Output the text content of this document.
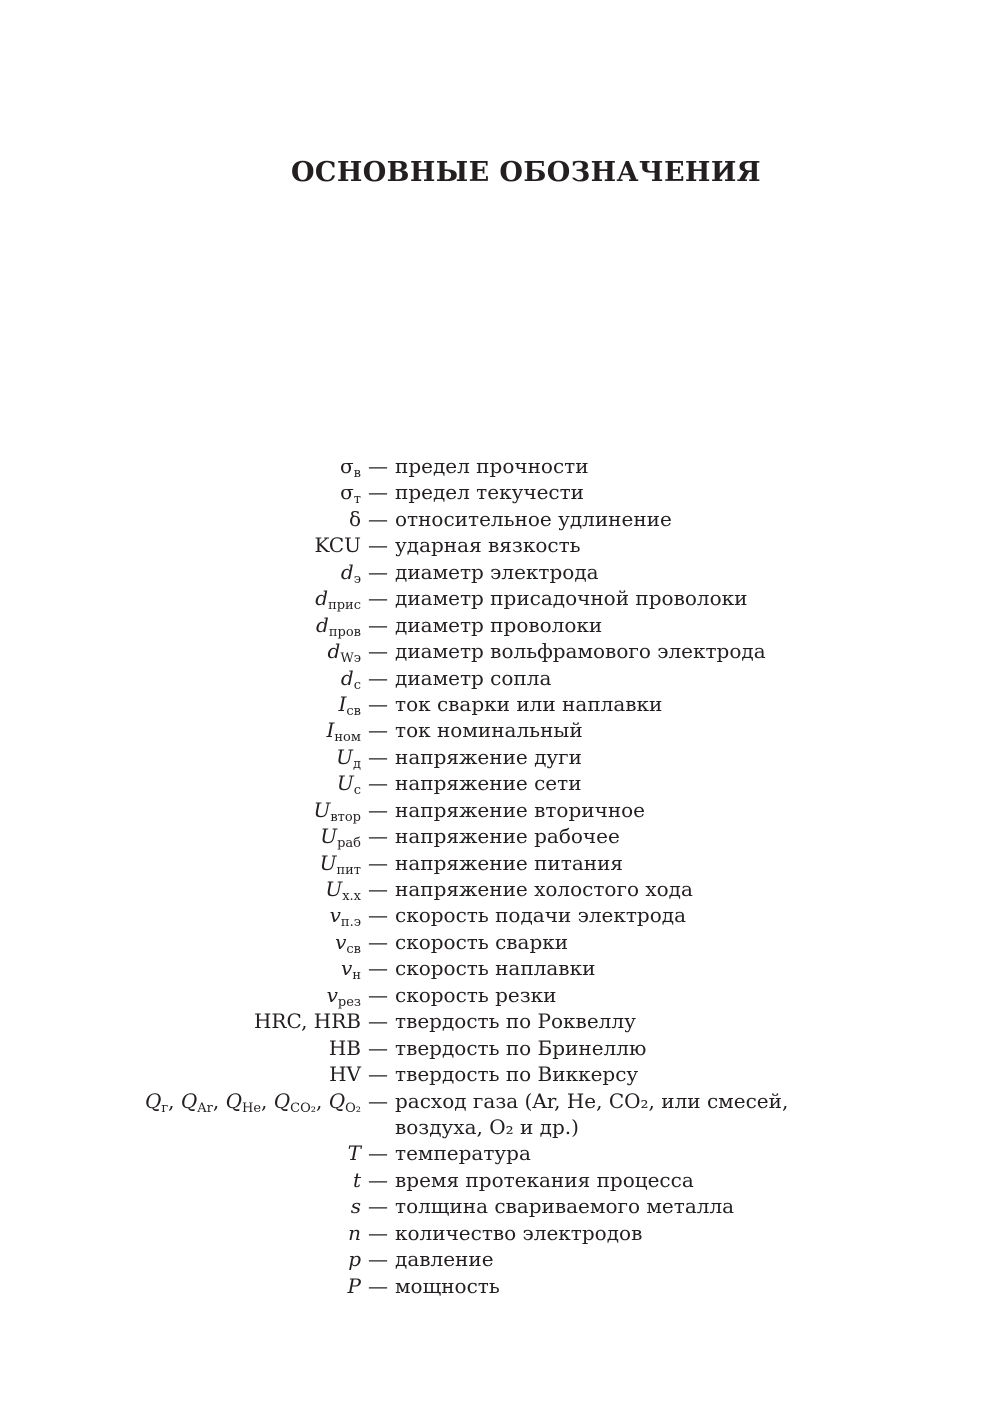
ОСНОВНЫЕ ОБОЗНАЧЕНИЯ
$\sigma_в$ — предел прочности
$\sigma_т$ — предел текучести
δ — относительное удлинение
KCU — ударная вязкость
$d_э$ — диаметр электрода
$d_{прис}$ — диаметр присадочной проволоки
$d_{пров}$ — диаметр проволоки
$d_{Wэ}$ — диаметр вольфрамового электрода
$d_с$ — диаметр сопла
$I_{св}$ — ток сварки или наплавки
$I_{ном}$ — ток номинальный
$U_д$ — напряжение дуги
$U_с$ — напряжение сети
$U_{втор}$ — напряжение вторичное
$U_{раб}$ — напряжение рабочее
$U_{пит}$ — напряжение питания
$U_{х.х}$ — напряжение холостого хода
$v_{п.э}$ — скорость подачи электрода
$v_{св}$ — скорость сварки
$v_н$ — скорость наплавки
$v_{рез}$ — скорость резки
HRC, HRB — твердость по Роквеллу
HB — твердость по Бринеллю
HV — твердость по Виккерсу
$Q_г$, $Q_{Ar}$, $Q_{He}$, $Q_{CO_2}$, $Q_{O_2}$ — расход газа (Ar, He, CO₂, или смесей, воздуха, O₂ и др.)
T — температура
t — время протекания процесса
s — толщина свариваемого металла
n — количество электродов
p — давление
P — мощность
